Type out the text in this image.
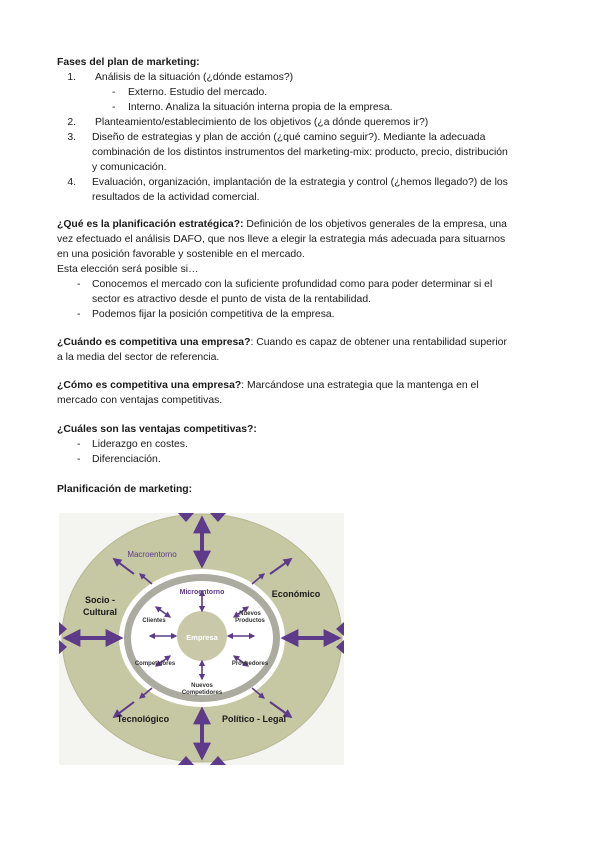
Fases del plan de marketing:
1. Análisis de la situación (¿dónde estamos?)
- Externo. Estudio del mercado.
- Interno. Analiza la situación interna propia de la empresa.
2. Planteamiento/establecimiento de los objetivos (¿a dónde queremos ir?)
3. Diseño de estrategias y plan de acción (¿qué camino seguir?). Mediante la adecuada
combinación de los distintos instrumentos del marketing-mix: producto, precio, distribución
y comunicación.
4. Evaluación, organización, implantación de la estrategia y control (¿hemos llegado?) de los
resultados de la actividad comercial.
¿Qué es la planificación estratégica?: Definición de los objetivos generales de la empresa, una
vez efectuado el análisis DAFO, que nos lleve a elegir la estrategia más adecuada para situarnos
en una posición favorable y sostenible en el mercado.
Esta elección será posible si…
- Conocemos el mercado con la suficiente profundidad como para poder determinar si el
sector es atractivo desde el punto de vista de la rentabilidad.
- Podemos fijar la posición competitiva de la empresa.
¿Cuándo es competitiva una empresa?: Cuando es capaz de obtener una rentabilidad superior
a la media del sector de referencia.
¿Cómo es competitiva una empresa?: Marcándose una estrategia que la mantenga en el
mercado con ventajas competitivas.
¿Cuáles son las ventajas competitivas?:
- Liderazgo en costes.
- Diferenciación.
Planificación de marketing:
Macroentorno
Microentorno
Empresa
Socio -
Cultural
Económico
Tecnológico	Político - Legal
Clientes
Nuevos
Productos
Competidores	Proveedores
Nuevos
Competidores
